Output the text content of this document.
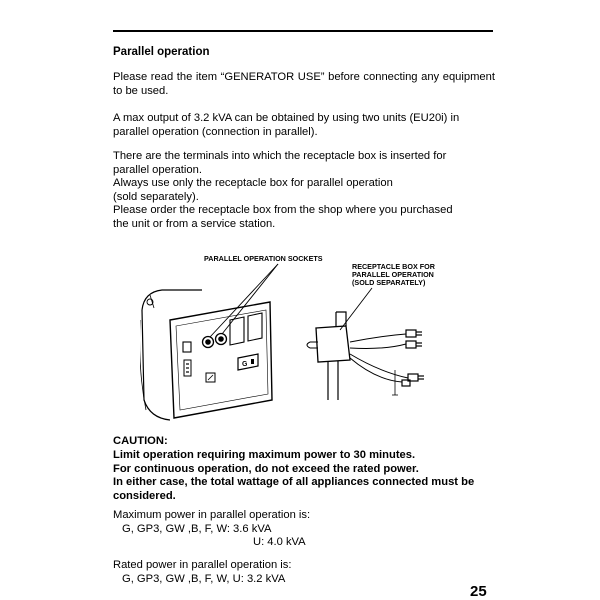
Parallel operation

Please read the item “GENERATOR USE” before connecting any equipment to be used.

A max output of 3.2 kVA can be obtained by using two units (EU20i) in
parallel operation (connection in parallel).

There are the terminals into which the receptacle box is inserted for
parallel operation.
Always use only the receptacle box for parallel operation
(sold separately).
Please order the receptacle box from the shop where you purchased
the unit or from a service station.

G
PARALLEL OPERATION SOCKETS
RECEPTACLE BOX FOR
PARALLEL OPERATION
(SOLD SEPARATELY)

CAUTION:

Limit operation requiring maximum power to 30 minutes.
For continuous operation, do not exceed the rated power.
In either case, the total wattage of all appliances connected must be
considered.

Maximum power in parallel operation is:
G, GP3, GW ,B, F, W: 3.6 kVA
U: 4.0 kVA

Rated power in parallel operation is:
G, GP3, GW ,B, F, W, U: 3.2 kVA

25
